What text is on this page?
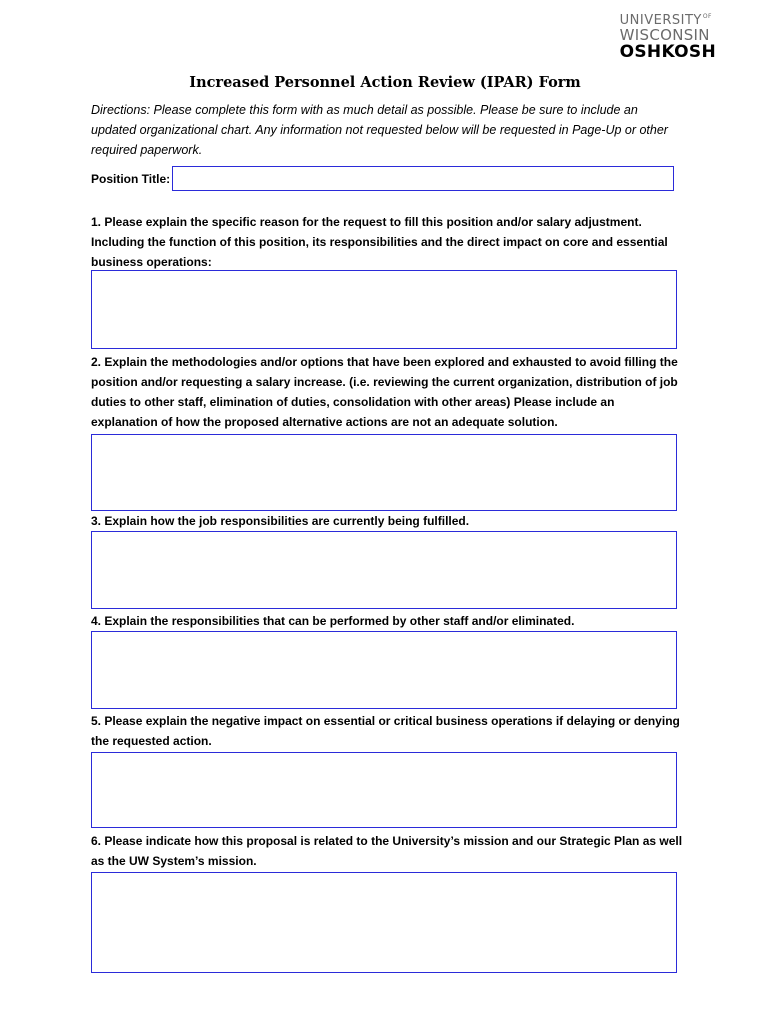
$UNIVERSITY^{OF}$
WISCONSIN
OSHKOSH
Increased Personnel Action Review (IPAR) Form
Directions: Please complete this form with as much detail as possible. Please be sure to include an updated organizational chart. Any information not requested below will be requested in Page-Up or other required paperwork.
Position Title:
1. Please explain the specific reason for the request to fill this position and/or salary adjustment. Including the function of this position, its responsibilities and the direct impact on core and essential business operations:
2. Explain the methodologies and/or options that have been explored and exhausted to avoid filling the position and/or requesting a salary increase. (i.e. reviewing the current organization, distribution of job duties to other staff, elimination of duties, consolidation with other areas) Please include an explanation of how the proposed alternative actions are not an adequate solution.
3. Explain how the job responsibilities are currently being fulfilled.
4. Explain the responsibilities that can be performed by other staff and/or eliminated.
5. Please explain the negative impact on essential or critical business operations if delaying or denying the requested action.
6. Please indicate how this proposal is related to the University’s mission and our Strategic Plan as well as the UW System’s mission.
